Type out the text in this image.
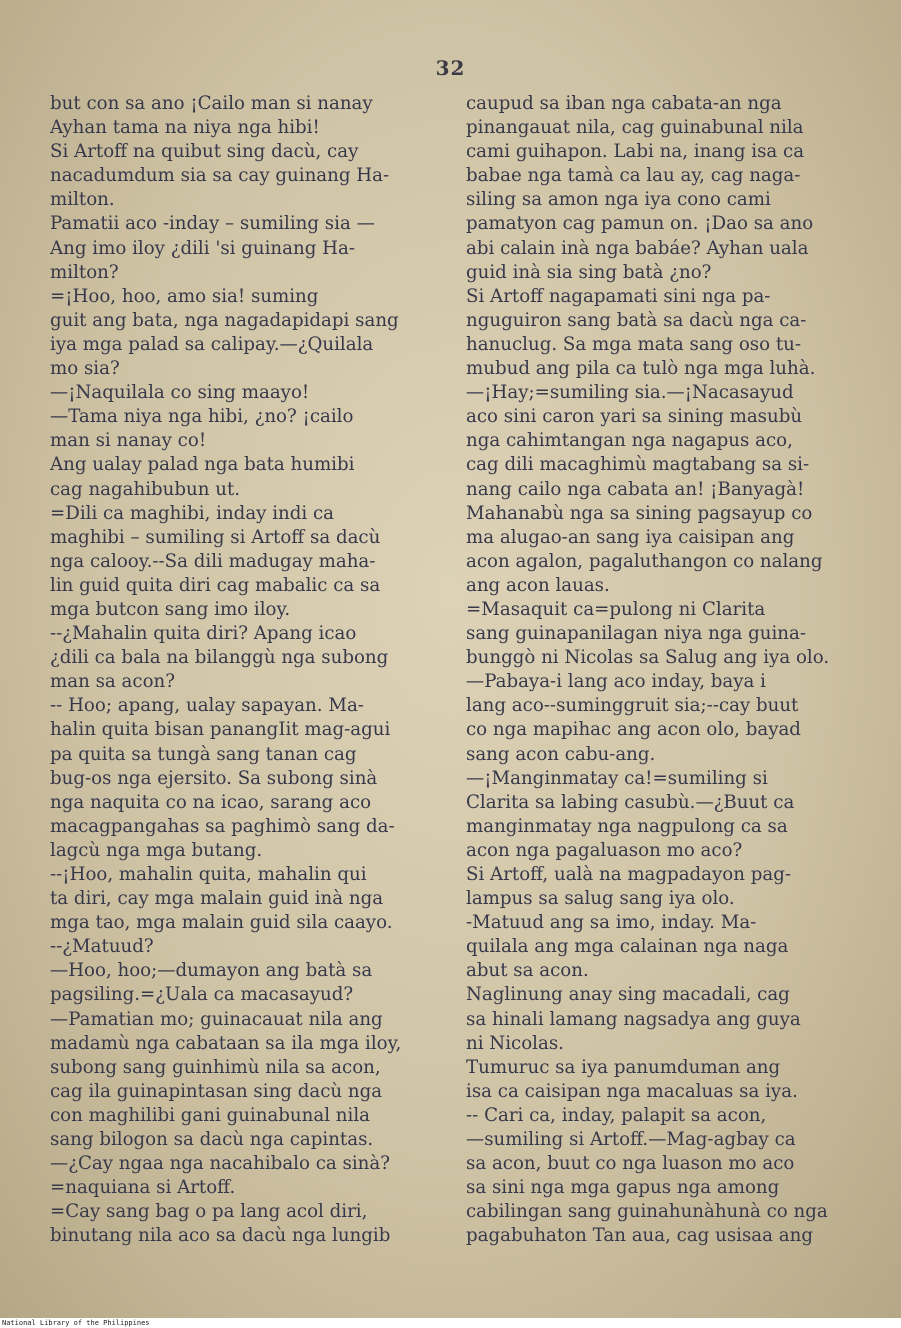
32
but con sa ano ¡Cailo man si nanay
Ayhan tama na niya nga hibi!
Si Artoff na quibut sing dacù, cay
nacadumdum sia sa cay guinang Ha-
milton.
Pamatii aco -inday – sumiling sia —
Ang imo iloy ¿dili 'si guinang Ha-
milton?
=¡Hoo, hoo, amo sia! suming
guit ang bata, nga nagadapidapi sang
iya mga palad sa calipay.—¿Quilala
mo sia?
—¡Naquilala co sing maayo!
—Tama niya nga hibi, ¿no? ¡cailo
man si nanay co!
Ang ualay palad nga bata humibi
cag nagahibubun ut.
=Dili ca maghibi, inday indi ca
maghibi – sumiling si Artoff sa dacù
nga calooy.--Sa dili madugay maha-
lin guid quita diri cag mabalic ca sa
mga butcon sang imo iloy.
--¿Mahalin quita diri? Apang icao
¿dili ca bala na bilanggù nga subong
man sa acon?
-- Hoo; apang, ualay sapayan. Ma-
halin quita bisan panangIit mag-agui
pa quita sa tungà sang tanan cag
bug-os nga ejersito. Sa subong sinà
nga naquita co na icao, sarang aco
macagpangahas sa paghimò sang da-
lagcù nga mga butang.
--¡Hoo, mahalin quita, mahalin qui
ta diri, cay mga malain guid inà nga
mga tao, mga malain guid sila caayo.
--¿Matuud?
—Hoo, hoo;—dumayon ang batà sa
pagsiling.=¿Uala ca macasayud?
—Pamatian mo; guinacauat nila ang
madamù nga cabataan sa ila mga iloy,
subong sang guinhimù nila sa acon,
cag ila guinapintasan sing dacù nga
con maghilibi gani guinabunal nila
sang bilogon sa dacù nga capintas.
—¿Cay ngaa nga nacahibalo ca sinà?
=naquiana si Artoff.
=Cay sang bag o pa lang acol diri,
binutang nila aco sa dacù nga lungib
caupud sa iban nga cabata-an nga
pinangauat nila, cag guinabunal nila
cami guihapon. Labi na, inang isa ca
babae nga tamà ca lau ay, cag naga-
siling sa amon nga iya cono cami
pamatyon cag pamun on. ¡Dao sa ano
abi calain inà nga babáe? Ayhan uala
guid inà sia sing batà ¿no?
Si Artoff nagapamati sini nga pa-
nguguiron sang batà sa dacù nga ca-
hanuclug. Sa mga mata sang oso tu-
mubud ang pila ca tulò nga mga luhà.
—¡Hay;=sumiling sia.—¡Nacasayud
aco sini caron yari sa sining masubù
nga cahimtangan nga nagapus aco,
cag dili macaghimù magtabang sa si-
nang cailo nga cabata an! ¡Banyagà!
Mahanabù nga sa sining pagsayup co
ma alugao-an sang iya caisipan ang
acon agalon, pagaluthangon co nalang
ang acon lauas.
=Masaquit ca=pulong ni Clarita
sang guinapanilagan niya nga guina-
bunggò ni Nicolas sa Salug ang iya olo.
—Pabaya-i lang aco inday, baya i
lang aco--suminggruit sia;--cay buut
co nga mapihac ang acon olo, bayad
sang acon cabu-ang.
—¡Manginmatay ca!=sumiling si
Clarita sa labing casubù.—¿Buut ca
manginmatay nga nagpulong ca sa
acon nga pagaluason mo aco?
Si Artoff, ualà na magpadayon pag-
lampus sa salug sang iya olo.
-Matuud ang sa imo, inday. Ma-
quilala ang mga calainan nga naga
abut sa acon.
Naglinung anay sing macadali, cag
sa hinali lamang nagsadya ang guya
ni Nicolas.
Tumuruc sa iya panumduman ang
isa ca caisipan nga macaluas sa iya.
-- Cari ca, inday, palapit sa acon,
—sumiling si Artoff.—Mag-agbay ca
sa acon, buut co nga luason mo aco
sa sini nga mga gapus nga among
cabilingan sang guinahunàhunà co nga
pagabuhaton Tan aua, cag usisaa ang
National Library of the Philippines
